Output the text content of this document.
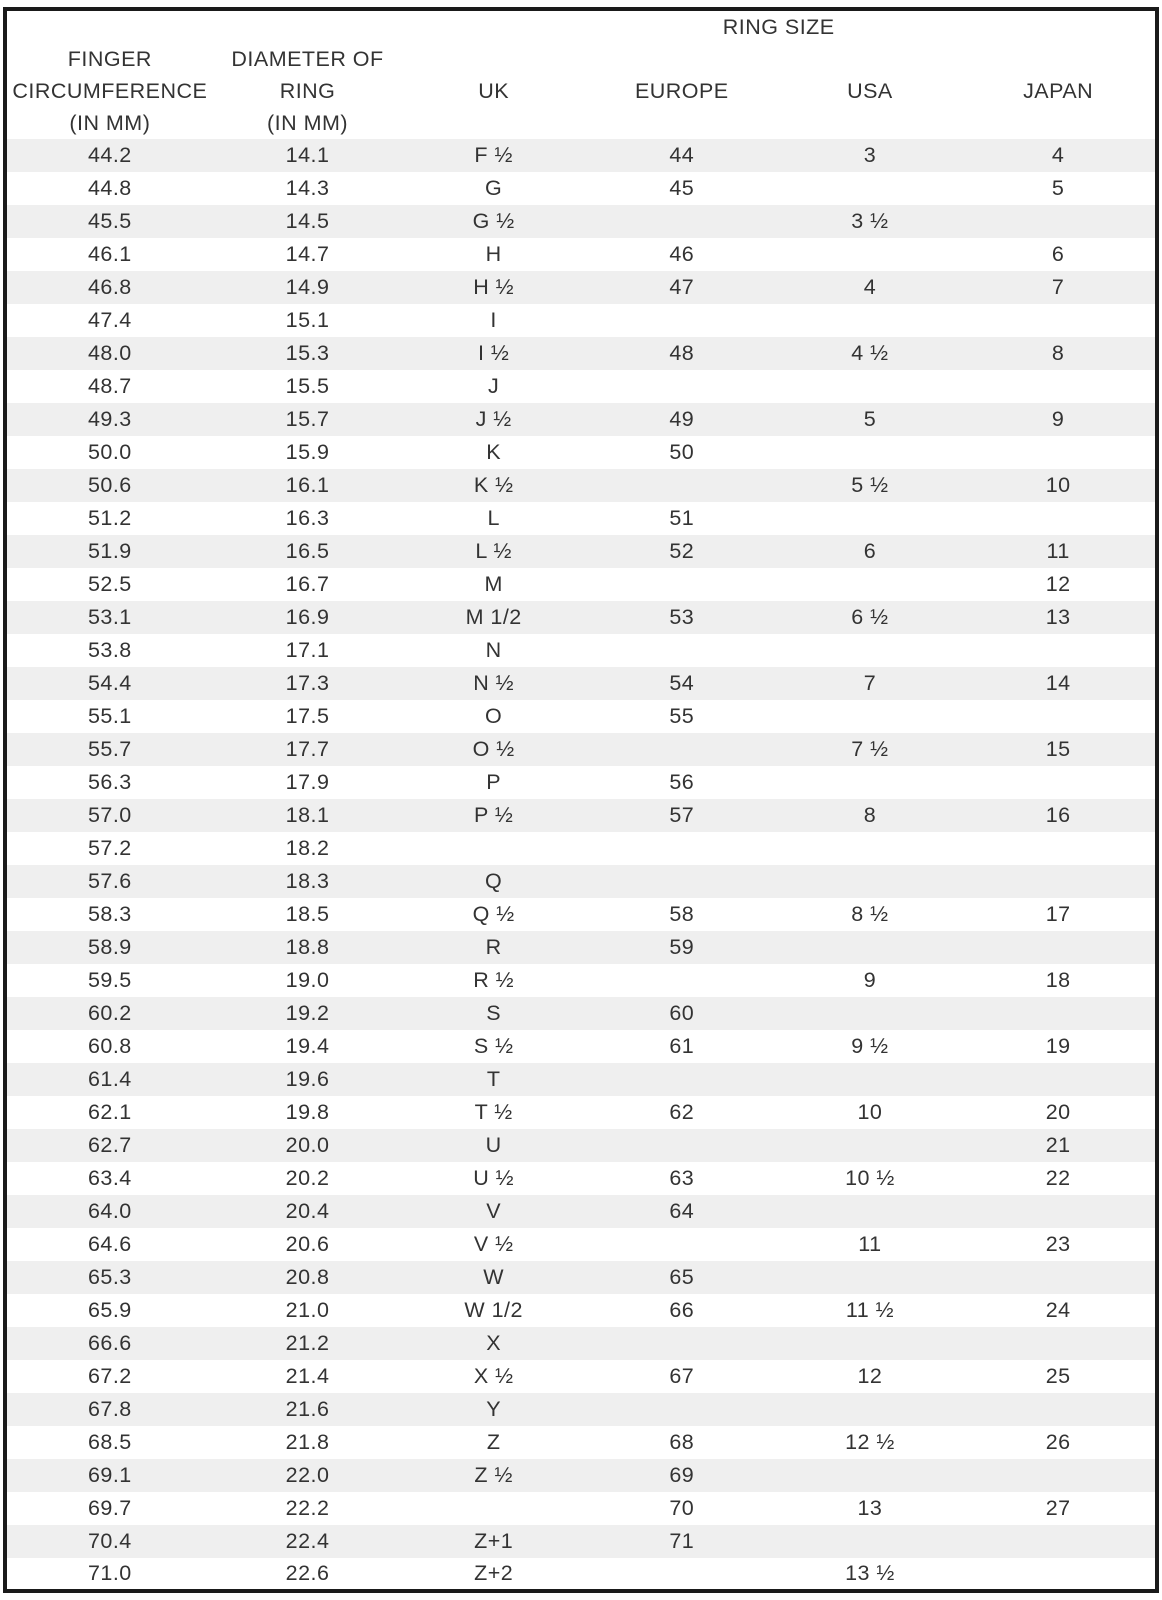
		RING SIZE			

FINGER
CIRCUMFERENCE
(IN MM)

DIAMETER OF
RING
(IN MM)

UK	EUROPE	USA	JAPAN

44.2	14.1	F ½	44	3	4
44.8	14.3	G	45		5
45.5	14.5	G ½		3 ½	
46.1	14.7	H	46		6
46.8	14.9	H ½	47	4	7
47.4	15.1	I			
48.0	15.3	I ½	48	4 ½	8
48.7	15.5	J			
49.3	15.7	J ½	49	5	9
50.0	15.9	K	50		
50.6	16.1	K ½		5 ½	10
51.2	16.3	L	51		
51.9	16.5	L ½	52	6	11
52.5	16.7	M			12
53.1	16.9	M 1/2	53	6 ½	13
53.8	17.1	N			
54.4	17.3	N ½	54	7	14
55.1	17.5	O	55		
55.7	17.7	O ½		7 ½	15
56.3	17.9	P	56		
57.0	18.1	P ½	57	8	16
57.2	18.2				
57.6	18.3	Q			
58.3	18.5	Q ½	58	8 ½	17
58.9	18.8	R	59		
59.5	19.0	R ½		9	18
60.2	19.2	S	60		
60.8	19.4	S ½	61	9 ½	19
61.4	19.6	T			
62.1	19.8	T ½	62	10	20
62.7	20.0	U			21
63.4	20.2	U ½	63	10 ½	22
64.0	20.4	V	64		
64.6	20.6	V ½		11	23
65.3	20.8	W	65		
65.9	21.0	W 1/2	66	11 ½	24
66.6	21.2	X			
67.2	21.4	X ½	67	12	25
67.8	21.6	Y			
68.5	21.8	Z	68	12 ½	26
69.1	22.0	Z ½	69		
69.7	22.2		70	13	27
70.4	22.4	Z+1	71		
71.0	22.6	Z+2		13 ½	
